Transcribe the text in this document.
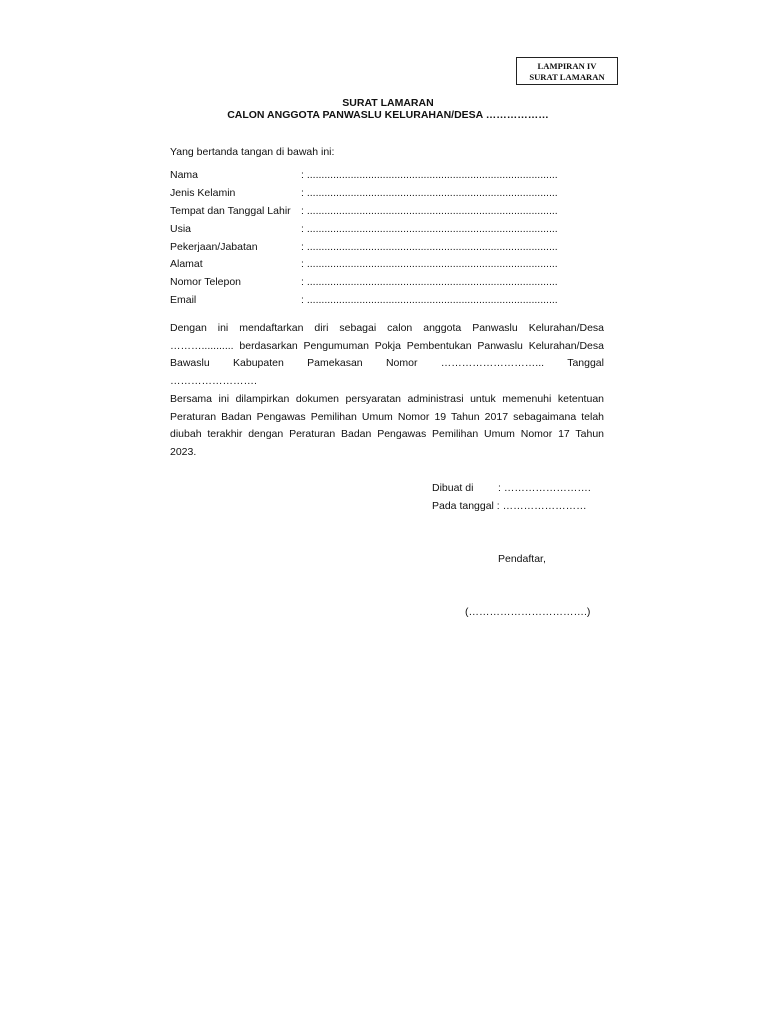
LAMPIRAN IV
SURAT LAMARAN
SURAT LAMARAN
CALON ANGGOTA PANWASLU KELURAHAN/DESA ………………
Yang bertanda tangan di bawah ini:
Nama	: ......................................................................................
Jenis Kelamin	: ......................................................................................
Tempat dan Tanggal Lahir : ......................................................................................
Usia	: ......................................................................................
Pekerjaan/Jabatan	: ......................................................................................
Alamat	: ......................................................................................
Nomor Telepon	: ......................................................................................
Email	: ......................................................................................
Dengan ini mendaftarkan diri sebagai calon anggota Panwaslu Kelurahan/Desa
………........... berdasarkan Pengumuman Pokja Pembentukan Panwaslu Kelurahan/Desa
Bawaslu Kabupaten Pamekasan Nomor ………………………... Tanggal
…………………….
Bersama ini dilampirkan dokumen persyaratan administrasi untuk memenuhi ketentuan
Peraturan Badan Pengawas Pemilihan Umum Nomor 19 Tahun 2017 sebagaimana telah
diubah terakhir dengan Peraturan Badan Pengawas Pemilihan Umum Nomor 17 Tahun
2023.
Dibuat di : …………………….
Pada tanggal : ……………………
Pendaftar,
(…………………………….)
